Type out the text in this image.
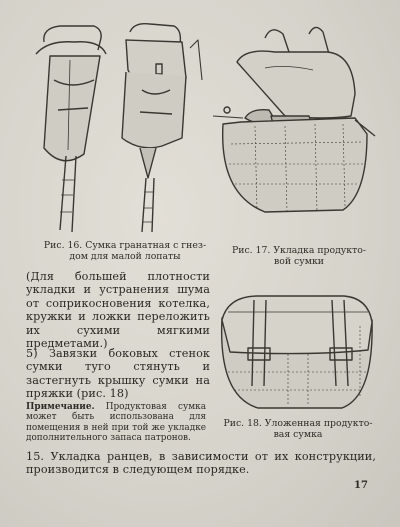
Рис. 16. Сумка гранатная с гнез-
дом для малой лопаты
Рис. 17. Укладка продукто-
вой сумки
(Для большей плотности укладки и устранения шума от соприкосновения котелка, кружки и ложки переложить их сухими мягкими предметами.)
5) Завязки боковых стенок сумки туго стянуть и застегнуть крышку сумки на пряжки (рис. 18)
Рис. 18. Уложенная продукто-
вая сумка
Примечание. Продуктовая сумка может быть использована для помещения в ней при той же укладке дополнительного запаса патронов.
15. Укладка ранцев, в зависимости от их конструкции, производится в следующем порядке.
17
